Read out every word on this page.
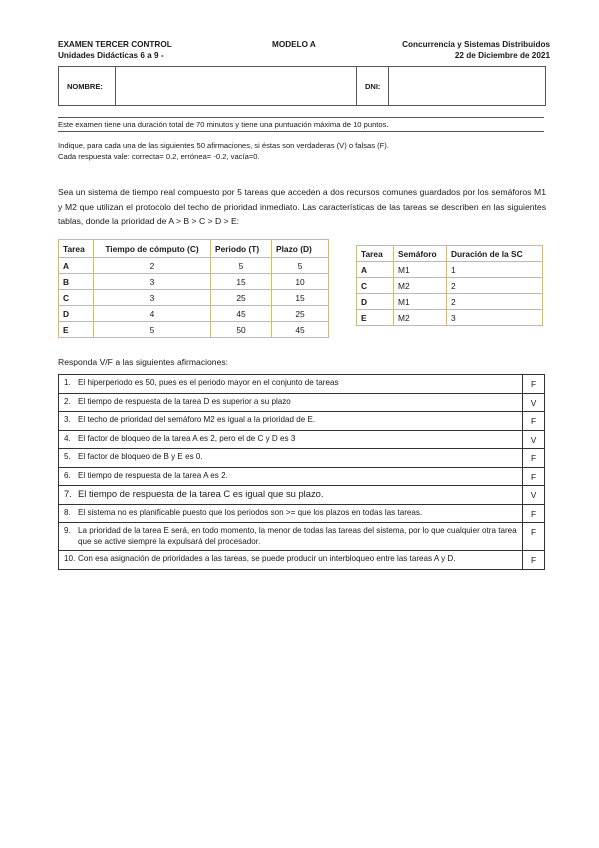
EXAMEN TERCER CONTROL
Unidades Didácticas 6 a 9 -
MODELO A	Concurrencia y Sistemas Distribuidos
22 de Diciembre de 2021
NOMBRE:	DNI:
Este examen tiene una duración total de 70 minutos y tiene una puntuación máxima de 10 puntos.
Indique, para cada una de las siguientes 50 afirmaciones, si éstas son verdaderas (V) o falsas (F).
Cada respuesta vale: correcta= 0.2, errónea= -0.2, vacía=0.
Sea un sistema de tiempo real compuesto por 5 tareas que acceden a dos recursos comunes guardados por los semáforos M1 y M2 que utilizan el protocolo del techo de prioridad inmediato. Las características de las tareas se describen en las siguientes tablas, donde la prioridad de A > B > C > D > E:
Tarea	Tiempo de cómputo (C)	Periodo (T)	Plazo (D)
A	2	5	5
B	3	15	10
C	3	25	15
D	4	45	25
E	5	50	45
Tarea	Semáforo	Duración de la SC
A	M1	1
C	M2	2
D	M1	2
E	M2	3
Responda V/F a las siguientes afirmaciones:
1. El hiperperiodo es 50, pues es el periodo mayor en el conjunto de tareas	F

2. El tiempo de respuesta de la tarea D es superior a su plazo	V

3. El techo de prioridad del semáforo M2 es igual a la prioridad de E.	F

4. El factor de bloqueo de la tarea A es 2, pero el de C y D es 3	V

5. El factor de bloqueo de B y E es 0.	F

6. El tiempo de respuesta de la tarea A es 2.	F

7. El tiempo de respuesta de la tarea C es igual que su plazo.	V

8. El sistema no es planificable puesto que los periodos son >= que los plazos en todas las tareas.	F

9. La prioridad de la tarea E será, en todo momento, la menor de todas las tareas del sistema, por lo que cualquier otra tarea que se active siempre la expulsará del procesador.	F

10. Con esa asignación de prioridades a las tareas, se puede producir un interbloqueo entre las tareas A y D.	F
